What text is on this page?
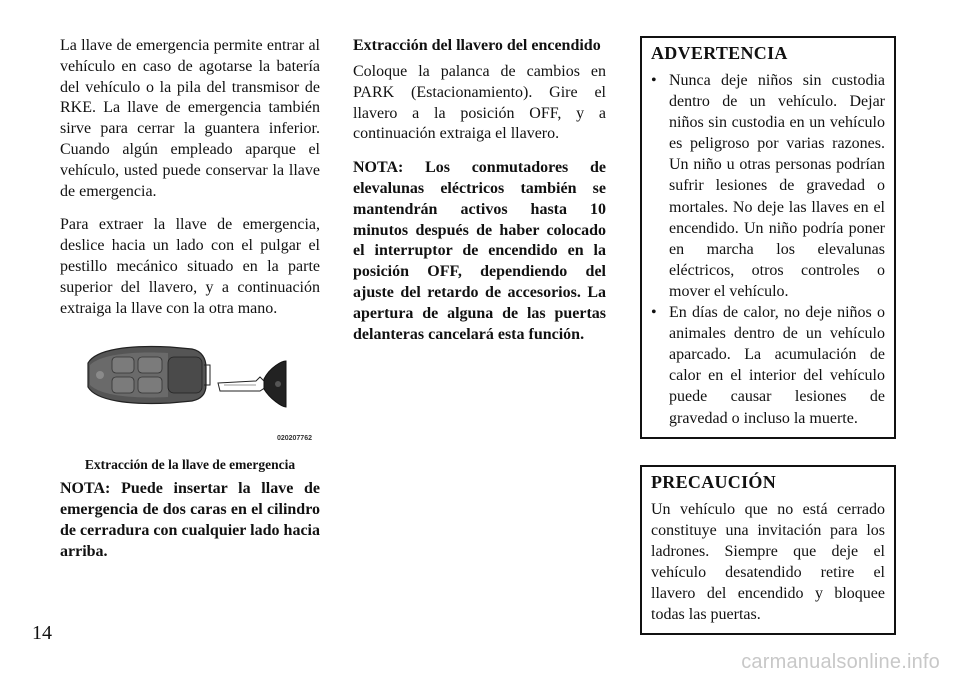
La llave de emergencia permite entrar al vehículo en caso de agotarse la batería del vehículo o la pila del transmisor de RKE. La llave de emergencia también sirve para cerrar la guantera inferior. Cuando algún empleado aparque el vehículo, usted puede conservar la llave de emergencia.

Para extraer la llave de emergencia, deslice hacia un lado con el pulgar el pestillo mecánico situado en la parte superior del llavero, y a continuación extraiga la llave con la otra mano.

020207762
Extracción de la llave de emergencia

NOTA: Puede insertar la llave de emergencia de dos caras en el cilindro de cerradura con cualquier lado hacia arriba.

Extracción del llavero del encendido

Coloque la palanca de cambios en PARK (Estacionamiento). Gire el llavero a la posición OFF, y a continuación extraiga el llavero.

NOTA: Los conmutadores de elevalunas eléctricos también se mantendrán activos hasta 10 minutos después de haber colocado el interruptor de encendido en la posición OFF, dependiendo del ajuste del retardo de accesorios. La apertura de alguna de las puertas delanteras cancelará esta función.

ADVERTENCIA
• Nunca deje niños sin custodia dentro de un vehículo. Dejar niños sin custodia en un vehículo es peligroso por varias razones. Un niño u otras personas podrían sufrir lesiones de gravedad o mortales. No deje las llaves en el encendido. Un niño podría poner en marcha los elevalunas eléctricos, otros controles o mover el vehículo.
• En días de calor, no deje niños o animales dentro de un vehículo aparcado. La acumulación de calor en el interior del vehículo puede causar lesiones de gravedad o incluso la muerte.
PRECAUCIÓN

Un vehículo que no está cerrado constituye una invitación para los ladrones. Siempre que deje el vehículo desatendido retire el llavero del encendido y bloquee todas las puertas.

14
carmanualsonline.info
